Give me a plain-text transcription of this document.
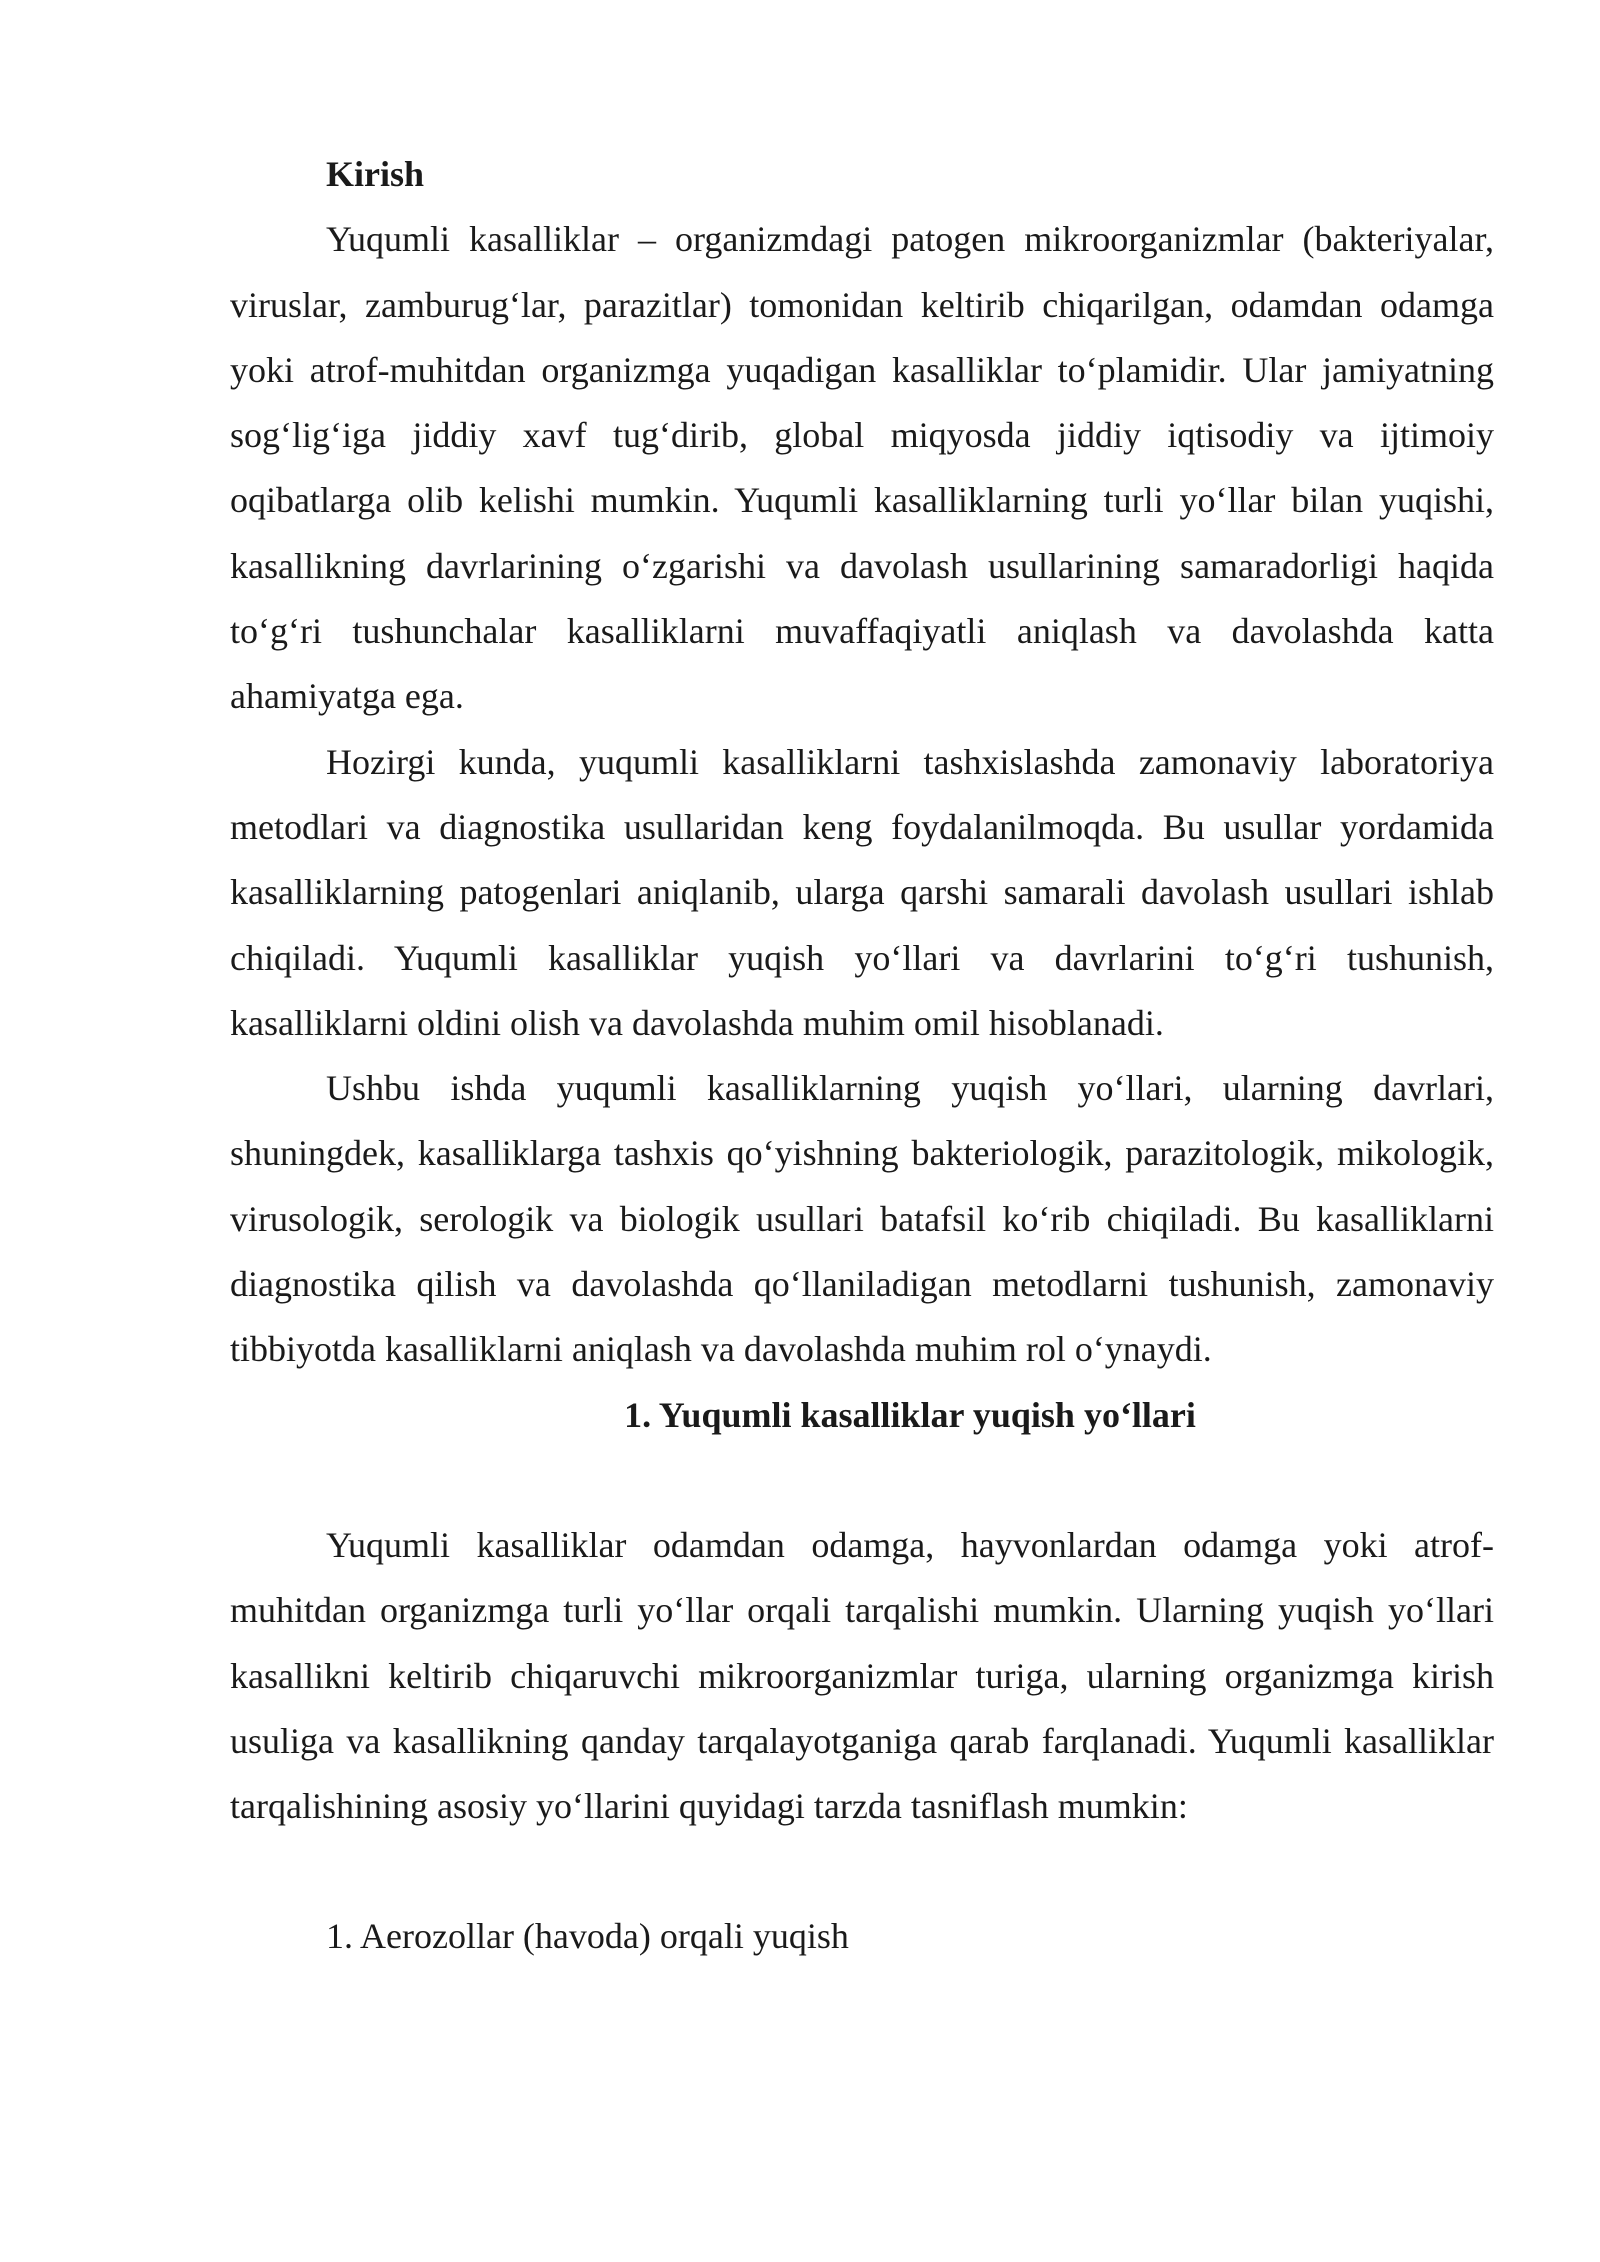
Kirish

Yuqumli kasalliklar – organizmdagi patogen mikroorganizmlar (bakteriyalar, viruslar, zamburug‘lar, parazitlar) tomonidan keltirib chiqarilgan, odamdan odamga yoki atrof-muhitdan organizmga yuqadigan kasalliklar to‘plamidir. Ular jamiyatning sog‘lig‘iga jiddiy xavf tug‘dirib, global miqyosda jiddiy iqtisodiy va ijtimoiy oqibatlarga olib kelishi mumkin. Yuqumli kasalliklarning turli yo‘llar bilan yuqishi, kasallikning davrlarining o‘zgarishi va davolash usullarining samaradorligi haqida to‘g‘ri tushunchalar kasalliklarni muvaffaqiyatli aniqlash va davolashda katta ahamiyatga ega.

Hozirgi kunda, yuqumli kasalliklarni tashxislashda zamonaviy laboratoriya metodlari va diagnostika usullaridan keng foydalanilmoqda. Bu usullar yordamida kasalliklarning patogenlari aniqlanib, ularga qarshi samarali davolash usullari ishlab chiqiladi. Yuqumli kasalliklar yuqish yo‘llari va davrlarini to‘g‘ri tushunish, kasalliklarni oldini olish va davolashda muhim omil hisoblanadi.

Ushbu ishda yuqumli kasalliklarning yuqish yo‘llari, ularning davrlari, shuningdek, kasalliklarga tashxis qo‘yishning bakteriologik, parazitologik, mikologik, virusologik, serologik va biologik usullari batafsil ko‘rib chiqiladi. Bu kasalliklarni diagnostika qilish va davolashda qo‘llaniladigan metodlarni tushunish, zamonaviy tibbiyotda kasalliklarni aniqlash va davolashda muhim rol o‘ynaydi.

1. Yuqumli kasalliklar yuqish yo‘llari

Yuqumli kasalliklar odamdan odamga, hayvonlardan odamga yoki atrof-muhitdan organizmga turli yo‘llar orqali tarqalishi mumkin. Ularning yuqish yo‘llari kasallikni keltirib chiqaruvchi mikroorganizmlar turiga, ularning organizmga kirish usuliga va kasallikning qanday tarqalayotganiga qarab farqlanadi. Yuqumli kasalliklar tarqalishining asosiy yo‘llarini quyidagi tarzda tasniflash mumkin:

1. Aerozollar (havoda) orqali yuqish
